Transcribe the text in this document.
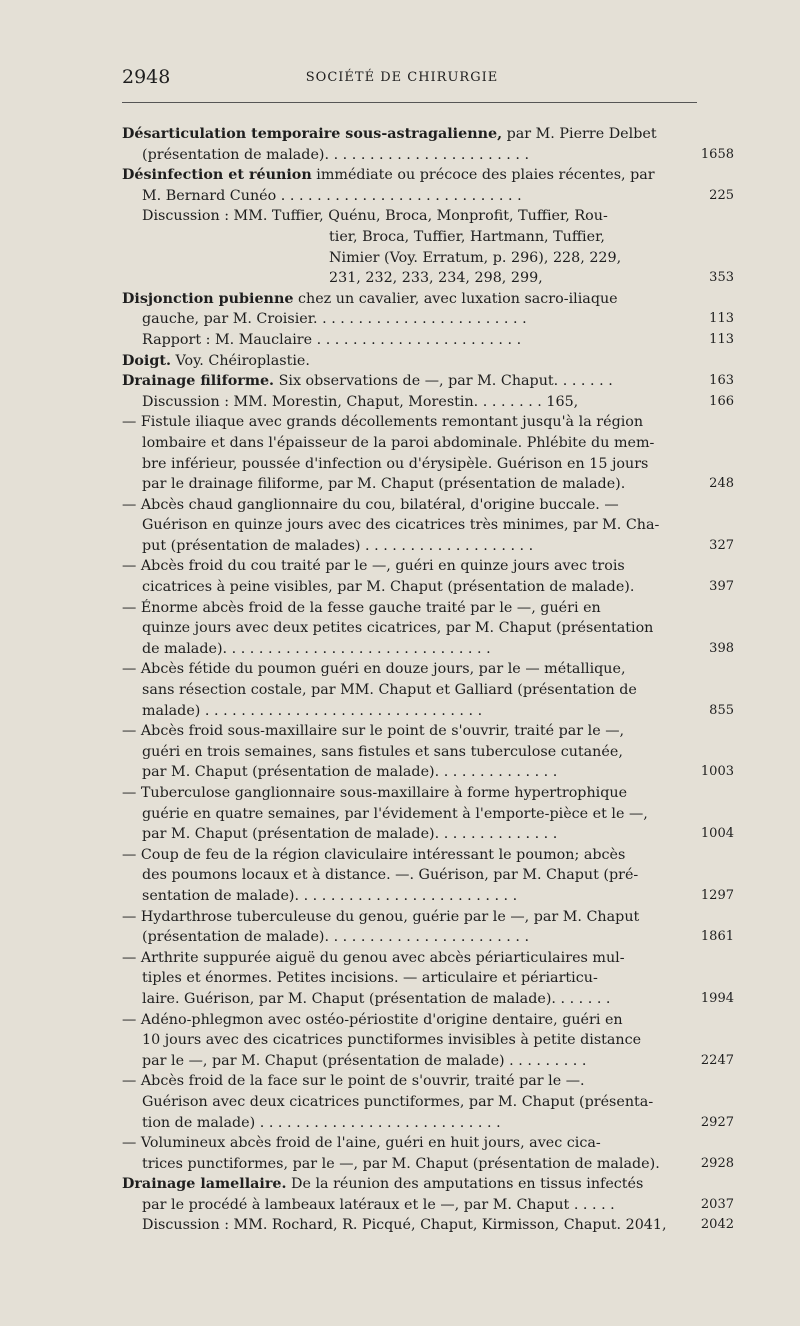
2948	SOCIÉTÉ DE CHIRURGIE
Désarticulation temporaire sous-astragalienne, par M. Pierre Delbet
(présentation de malade). . . . . . . . . . . . . . . . . . . . . . .	1658
Désinfection et réunion immédiate ou précoce des plaies récentes, par
M. Bernard Cunéo . . . . . . . . . . . . . . . . . . . . . . . . . . .	225
Discussion : MM. Tuffier, Quénu, Broca, Monprofit, Tuffier, Rou-
tier, Broca, Tuffier, Hartmann, Tuffier,
Nimier (Voy. Erratum, p. 296), 228, 229,
231, 232, 233, 234, 298, 299,	353
Disjonction pubienne chez un cavalier, avec luxation sacro-iliaque
gauche, par M. Croisier. . . . . . . . . . . . . . . . . . . . . . . .	113
Rapport : M. Mauclaire . . . . . . . . . . . . . . . . . . . . . . .	113
Doigt. Voy. Chéiroplastie.
Drainage filiforme. Six observations de —, par M. Chaput. . . . . . .	163
Discussion : MM. Morestin, Chaput, Morestin. . . . . . . . 165,	166
— Fistule iliaque avec grands décollements remontant jusqu'à la région
lombaire et dans l'épaisseur de la paroi abdominale. Phlébite du mem-
bre inférieur, poussée d'infection ou d'érysipèle. Guérison en 15 jours
par le drainage filiforme, par M. Chaput (présentation de malade).	248
— Abcès chaud ganglionnaire du cou, bilatéral, d'origine buccale. —
Guérison en quinze jours avec des cicatrices très minimes, par M. Cha-
put (présentation de malades) . . . . . . . . . . . . . . . . . . .	327
— Abcès froid du cou traité par le —, guéri en quinze jours avec trois
cicatrices à peine visibles, par M. Chaput (présentation de malade).	397
— Énorme abcès froid de la fesse gauche traité par le —, guéri en
quinze jours avec deux petites cicatrices, par M. Chaput (présentation
de malade). . . . . . . . . . . . . . . . . . . . . . . . . . . . . .	398
— Abcès fétide du poumon guéri en douze jours, par le — métallique,
sans résection costale, par MM. Chaput et Galliard (présentation de
malade) . . . . . . . . . . . . . . . . . . . . . . . . . . . . . . .	855
— Abcès froid sous-maxillaire sur le point de s'ouvrir, traité par le —,
guéri en trois semaines, sans fistules et sans tuberculose cutanée,
par M. Chaput (présentation de malade). . . . . . . . . . . . . .	1003
— Tuberculose ganglionnaire sous-maxillaire à forme hypertrophique
guérie en quatre semaines, par l'évidement à l'emporte-pièce et le —,
par M. Chaput (présentation de malade). . . . . . . . . . . . . .	1004
— Coup de feu de la région claviculaire intéressant le poumon; abcès
des poumons locaux et à distance. —. Guérison, par M. Chaput (pré-
sentation de malade). . . . . . . . . . . . . . . . . . . . . . . . .	1297
— Hydarthrose tuberculeuse du genou, guérie par le —, par M. Chaput
(présentation de malade). . . . . . . . . . . . . . . . . . . . . . .	1861
— Arthrite suppurée aiguë du genou avec abcès périarticulaires mul-
tiples et énormes. Petites incisions. — articulaire et périarticu-
laire. Guérison, par M. Chaput (présentation de malade). . . . . . .	1994
— Adéno-phlegmon avec ostéo-périostite d'origine dentaire, guéri en
10 jours avec des cicatrices punctiformes invisibles à petite distance
par le —, par M. Chaput (présentation de malade) . . . . . . . . .	2247
— Abcès froid de la face sur le point de s'ouvrir, traité par le —.
Guérison avec deux cicatrices punctiformes, par M. Chaput (présenta-
tion de malade) . . . . . . . . . . . . . . . . . . . . . . . . . . .	2927
— Volumineux abcès froid de l'aine, guéri en huit jours, avec cica-
trices punctiformes, par le —, par M. Chaput (présentation de malade).	2928
Drainage lamellaire. De la réunion des amputations en tissus infectés
par le procédé à lambeaux latéraux et le —, par M. Chaput . . . . .	2037
Discussion : MM. Rochard, R. Picqué, Chaput, Kirmisson, Chaput. 2041,	2042
